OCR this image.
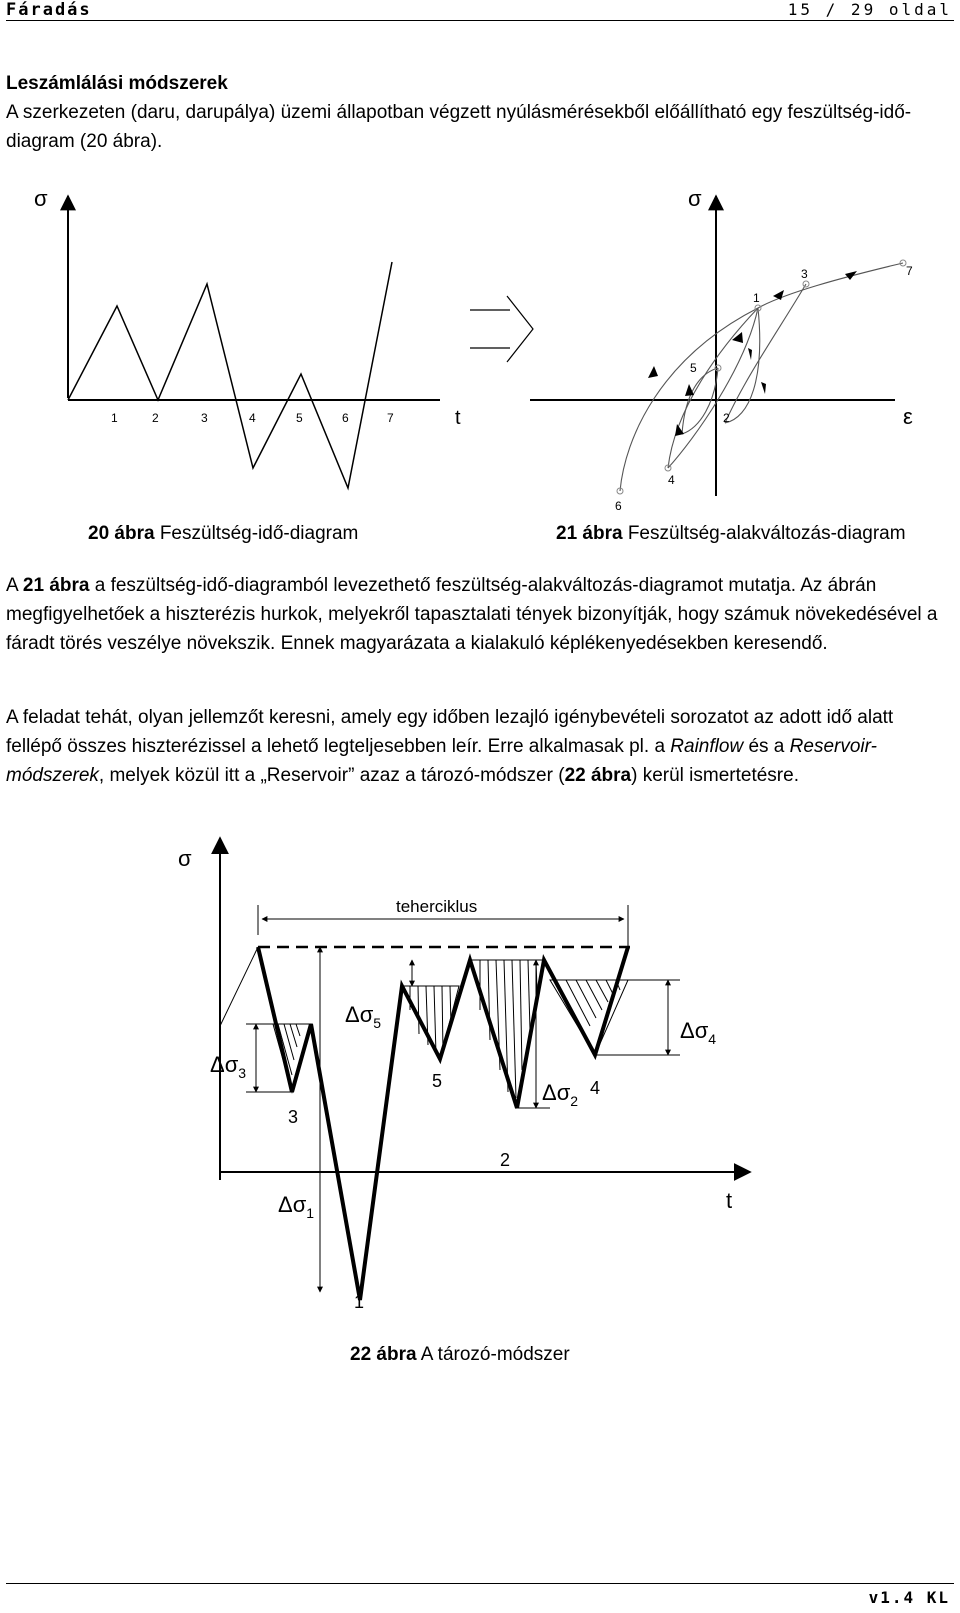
Fáradás	15 / 29 oldal
Leszámlálási módszerek
A szerkezeten (daru, darupálya) üzemi állapotban végzett nyúlásmérésekből előállítható egy feszültség-idő-diagram (20 ábra).
σ
t
1	2	3	4	5	6	7
σ
ε
1
2
3
4
5
6
7
20 ábra Feszültség-idő-diagram	21 ábra Feszültség-alakváltozás-diagram
A 21 ábra a feszültség-idő-diagramból levezethető feszültség-alakváltozás-diagramot mutatja. Az ábrán megfigyelhetőek a hiszterézis hurkok, melyekről tapasztalati tények bizonyítják, hogy számuk növekedésével a fáradt törés veszélye növekszik. Ennek magyarázata a kialakuló képlékenyedésekben keresendő.
A feladat tehát, olyan jellemzőt keresni, amely egy időben lezajló igénybevételi sorozatot az adott idő alatt fellépő összes hiszterézissel a lehető legteljesebben leír. Erre alkalmasak pl. a Rainflow és a Reservoir-módszerek, melyek közül itt a „Reservoir” azaz a tározó-módszer (22 ábra) kerül ismertetésre.
σ
t
teherciklus
$\Delta\sigma_1$
$\Delta\sigma_2$
$\Delta\sigma_3$
$\Delta\sigma_4$
$\Delta\sigma_5$
1
2
3
4
5
22 ábra A tározó-módszer
v1.4 KL
